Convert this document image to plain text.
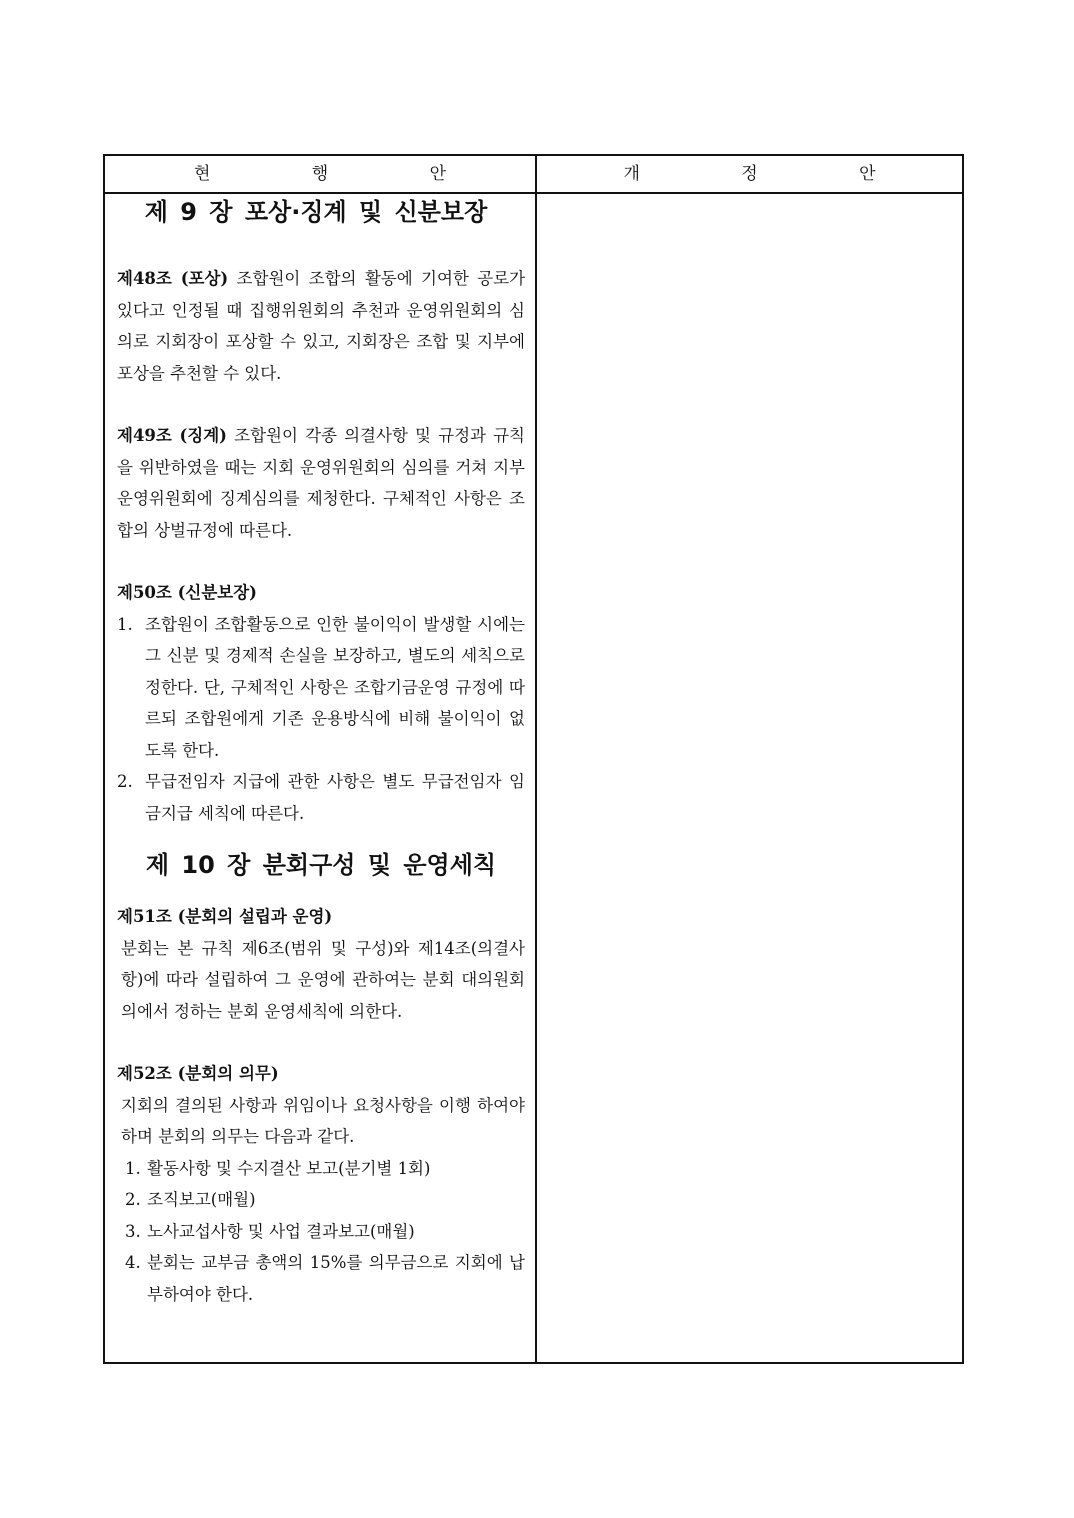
현 행 안	개 정 안
제 9 장 포상·징계 및 신분보장

제48조 (포상) 조합원이 조합의 활동에 기여한 공로가 있다고 인정될 때 집행위원회의 추천과 운영위원회의 심의로 지회장이 포상할 수 있고, 지회장은 조합 및 지부에 포상을 추천할 수 있다.

제49조 (징계) 조합원이 각종 의결사항 및 규정과 규칙을 위반하였을 때는 지회 운영위원회의 심의를 거쳐 지부 운영위원회에 징계심의를 제청한다. 구체적인 사항은 조합의 상벌규정에 따른다.

제50조 (신분보장)

1. 조합원이 조합활동으로 인한 불이익이 발생할 시에는 그 신분 및 경제적 손실을 보장하고, 별도의 세칙으로 정한다. 단, 구체적인 사항은 조합기금운영 규정에 따르되 조합원에게 기존 운용방식에 비해 불이익이 없도록 한다.

2. 무급전임자 지급에 관한 사항은 별도 무급전임자 임금지급 세칙에 따른다.

제 10 장 분회구성 및 운영세칙

제51조 (분회의 설립과 운영)

분회는 본 규칙 제6조(범위 및 구성)와 제14조(의결사항)에 따라 설립하여 그 운영에 관하여는 분회 대의원회의에서 정하는 분회 운영세칙에 의한다.

제52조 (분회의 의무)

지회의 결의된 사항과 위임이나 요청사항을 이행 하여야 하며 분회의 의무는 다음과 같다.

1. 활동사항 및 수지결산 보고(분기별 1회)

2. 조직보고(매월)

3. 노사교섭사항 및 사업 결과보고(매월)

4. 분회는 교부금 총액의 15%를 의무금으로 지회에 납부하여야 한다.
